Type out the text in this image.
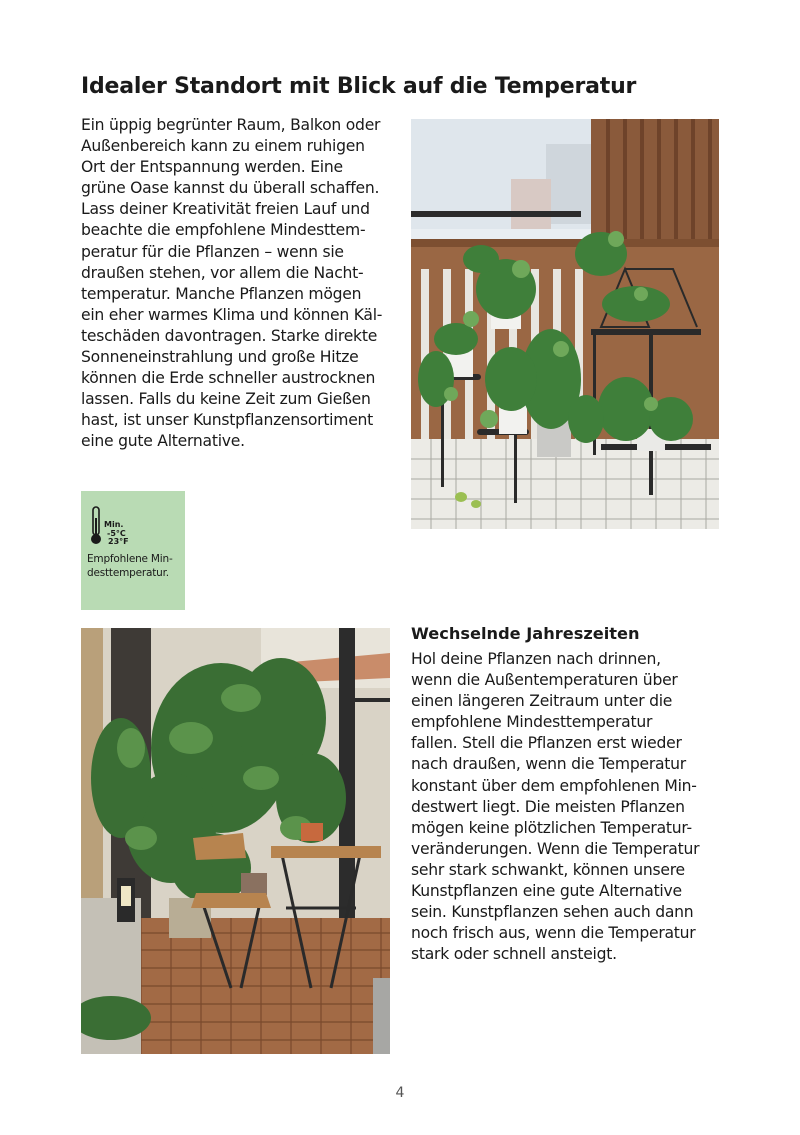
Idealer Standort mit Blick auf die Temperatur

Ein üppig begrünter Raum, Balkon oder
Außenbereich kann zu einem ruhigen
Ort der Entspannung werden. Eine
grüne Oase kannst du überall schaffen.
Lass deiner Kreativität freien Lauf und
beachte die empfohlene Mindesttem-
peratur für die Pflanzen – wenn sie
draußen stehen, vor allem die Nacht-
temperatur. Manche Pflanzen mögen
ein eher warmes Klima und können Käl-
teschäden davontragen. Starke direkte
Sonneneinstrahlung und große Hitze
können die Erde schneller austrocknen
lassen. Falls du keine Zeit zum Gießen
hast, ist unser Kunstpflanzensortiment
eine gute Alternative.

Min.
-5°C
23°F
Empfohlene Min-
desttemperatur.
Wechselnde Jahreszeiten

Hol deine Pflanzen nach drinnen,
wenn die Außentemperaturen über
einen längeren Zeitraum unter die
empfohlene Mindesttemperatur
fallen. Stell die Pflanzen erst wieder
nach draußen, wenn die Temperatur
konstant über dem empfohlenen Min-
destwert liegt. Die meisten Pflanzen
mögen keine plötzlichen Temperatur-
veränderungen. Wenn die Temperatur
sehr stark schwankt, können unsere
Kunstpflanzen eine gute Alternative
sein. Kunstpflanzen sehen auch dann
noch frisch aus, wenn die Temperatur
stark oder schnell ansteigt.

4
